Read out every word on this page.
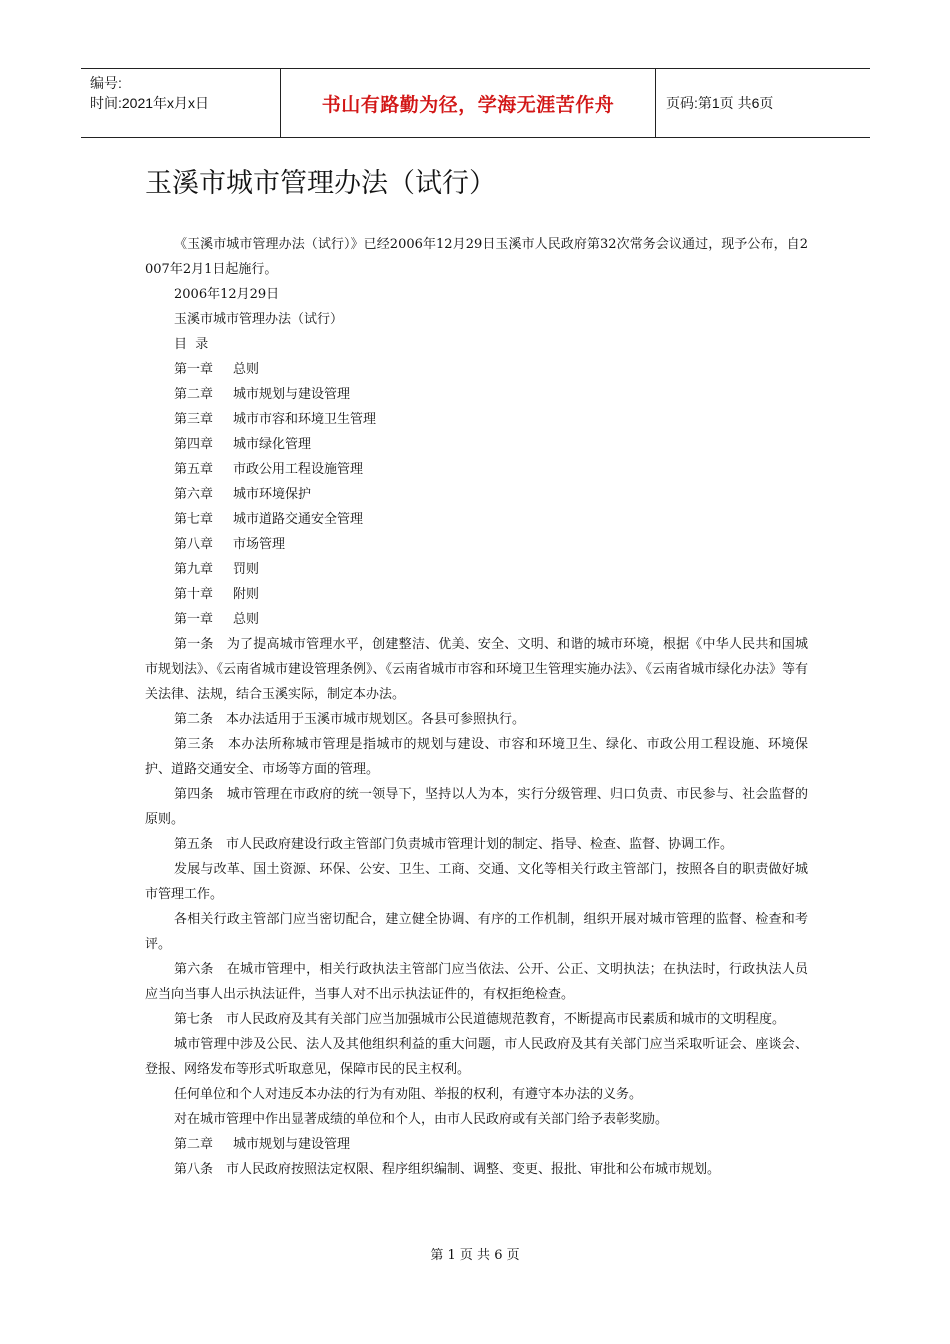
编号:
时间:2021年x月x日	书山有路勤为径，学海无涯苦作舟	页码:第1页 共6页
玉溪市城市管理办法（试行）

《玉溪市城市管理办法（试行）》已经2006年12月29日玉溪市人民政府第32次常务会议通过，现予公布，自2007年2月1日起施行。

2006年12月29日

玉溪市城市管理办法（试行）

目  录

第一章 总则

第二章 城市规划与建设管理

第三章 城市市容和环境卫生管理

第四章 城市绿化管理

第五章 市政公用工程设施管理

第六章 城市环境保护

第七章 城市道路交通安全管理

第八章 市场管理

第九章 罚则

第十章 附则

第一章 总则

第一条　为了提高城市管理水平，创建整洁、优美、安全、文明、和谐的城市环境，根据《中华人民共和国城市规划法》、《云南省城市建设管理条例》、《云南省城市市容和环境卫生管理实施办法》、《云南省城市绿化办法》等有关法律、法规，结合玉溪实际，制定本办法。

第二条　本办法适用于玉溪市城市规划区。各县可参照执行。

第三条　本办法所称城市管理是指城市的规划与建设、市容和环境卫生、绿化、市政公用工程设施、环境保护、道路交通安全、市场等方面的管理。

第四条　城市管理在市政府的统一领导下，坚持以人为本，实行分级管理、归口负责、市民参与、社会监督的原则。

第五条　市人民政府建设行政主管部门负责城市管理计划的制定、指导、检查、监督、协调工作。

发展与改革、国土资源、环保、公安、卫生、工商、交通、文化等相关行政主管部门，按照各自的职责做好城市管理工作。

各相关行政主管部门应当密切配合，建立健全协调、有序的工作机制，组织开展对城市管理的监督、检查和考评。

第六条　在城市管理中，相关行政执法主管部门应当依法、公开、公正、文明执法；在执法时，行政执法人员应当向当事人出示执法证件，当事人对不出示执法证件的，有权拒绝检查。

第七条　市人民政府及其有关部门应当加强城市公民道德规范教育，不断提高市民素质和城市的文明程度。

城市管理中涉及公民、法人及其他组织利益的重大问题，市人民政府及其有关部门应当采取听证会、座谈会、登报、网络发布等形式听取意见，保障市民的民主权利。

任何单位和个人对违反本办法的行为有劝阻、举报的权利，有遵守本办法的义务。

对在城市管理中作出显著成绩的单位和个人，由市人民政府或有关部门给予表彰奖励。

第二章 城市规划与建设管理

第八条　市人民政府按照法定权限、程序组织编制、调整、变更、报批、审批和公布城市规划。

第 1 页 共 6 页
